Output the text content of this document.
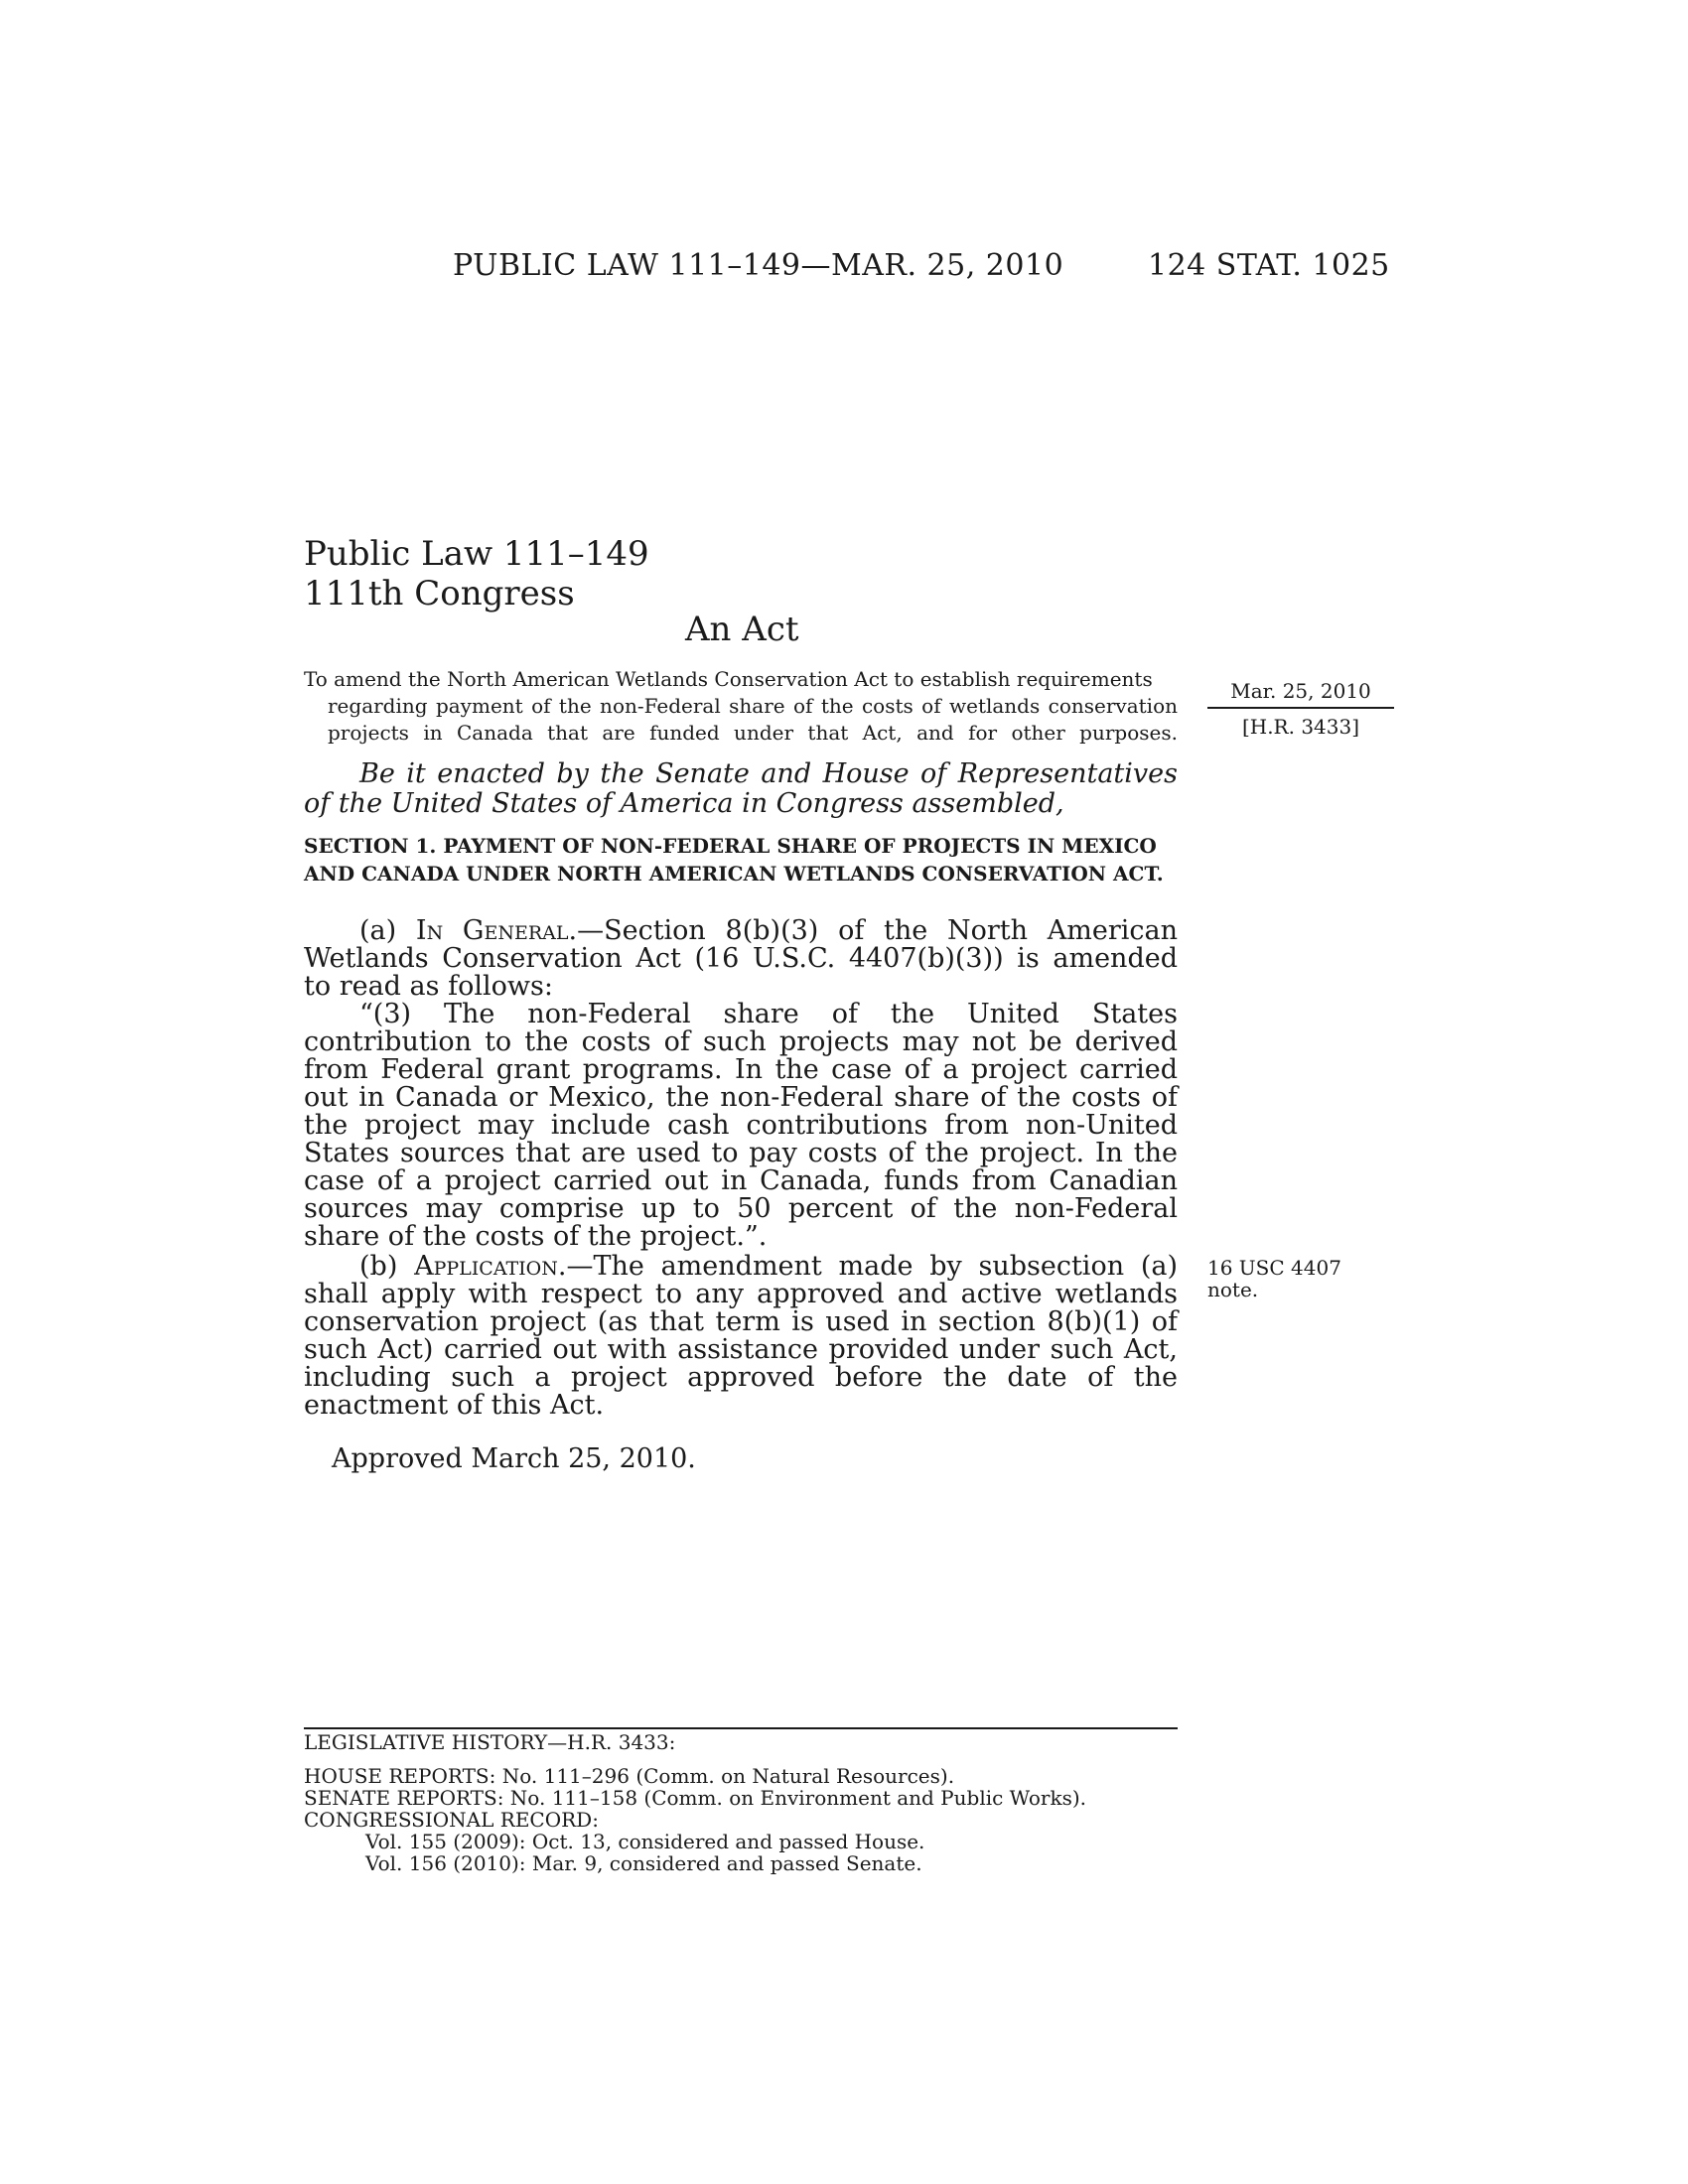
PUBLIC LAW 111–149—MAR. 25, 2010	124 STAT. 1025
Public Law 111–149
111th Congress
An Act
To amend the North American Wetlands Conservation Act to establish requirements
regarding payment of the non-Federal share of the costs of wetlands conservation projects in Canada that are funded under that Act, and for other purposes.
Mar. 25, 2010
[H.R. 3433]
Be it enacted by the Senate and House of Representatives of the United States of America in Congress assembled,
SECTION 1. PAYMENT OF NON-FEDERAL SHARE OF PROJECTS IN MEXICO AND CANADA UNDER NORTH AMERICAN WETLANDS CONSERVATION ACT.
(a) In General.—Section 8(b)(3) of the North American Wetlands Conservation Act (16 U.S.C. 4407(b)(3)) is amended to read as follows:
“(3) The non-Federal share of the United States contribution to the costs of such projects may not be derived from Federal grant programs. In the case of a project carried out in Canada or Mexico, the non-Federal share of the costs of the project may include cash contributions from non-United States sources that are used to pay costs of the project. In the case of a project carried out in Canada, funds from Canadian sources may comprise up to 50 percent of the non-Federal share of the costs of the project.”.
(b) Application.—The amendment made by subsection (a) shall apply with respect to any approved and active wetlands conservation project (as that term is used in section 8(b)(1) of such Act) carried out with assistance provided under such Act, including such a project approved before the date of the enactment of this Act.
16 USC 4407 note.
Approved March 25, 2010.
LEGISLATIVE HISTORY—H.R. 3433:
HOUSE REPORTS: No. 111–296 (Comm. on Natural Resources).
SENATE REPORTS: No. 111–158 (Comm. on Environment and Public Works).
CONGRESSIONAL RECORD:
Vol. 155 (2009): Oct. 13, considered and passed House.
Vol. 156 (2010): Mar. 9, considered and passed Senate.
